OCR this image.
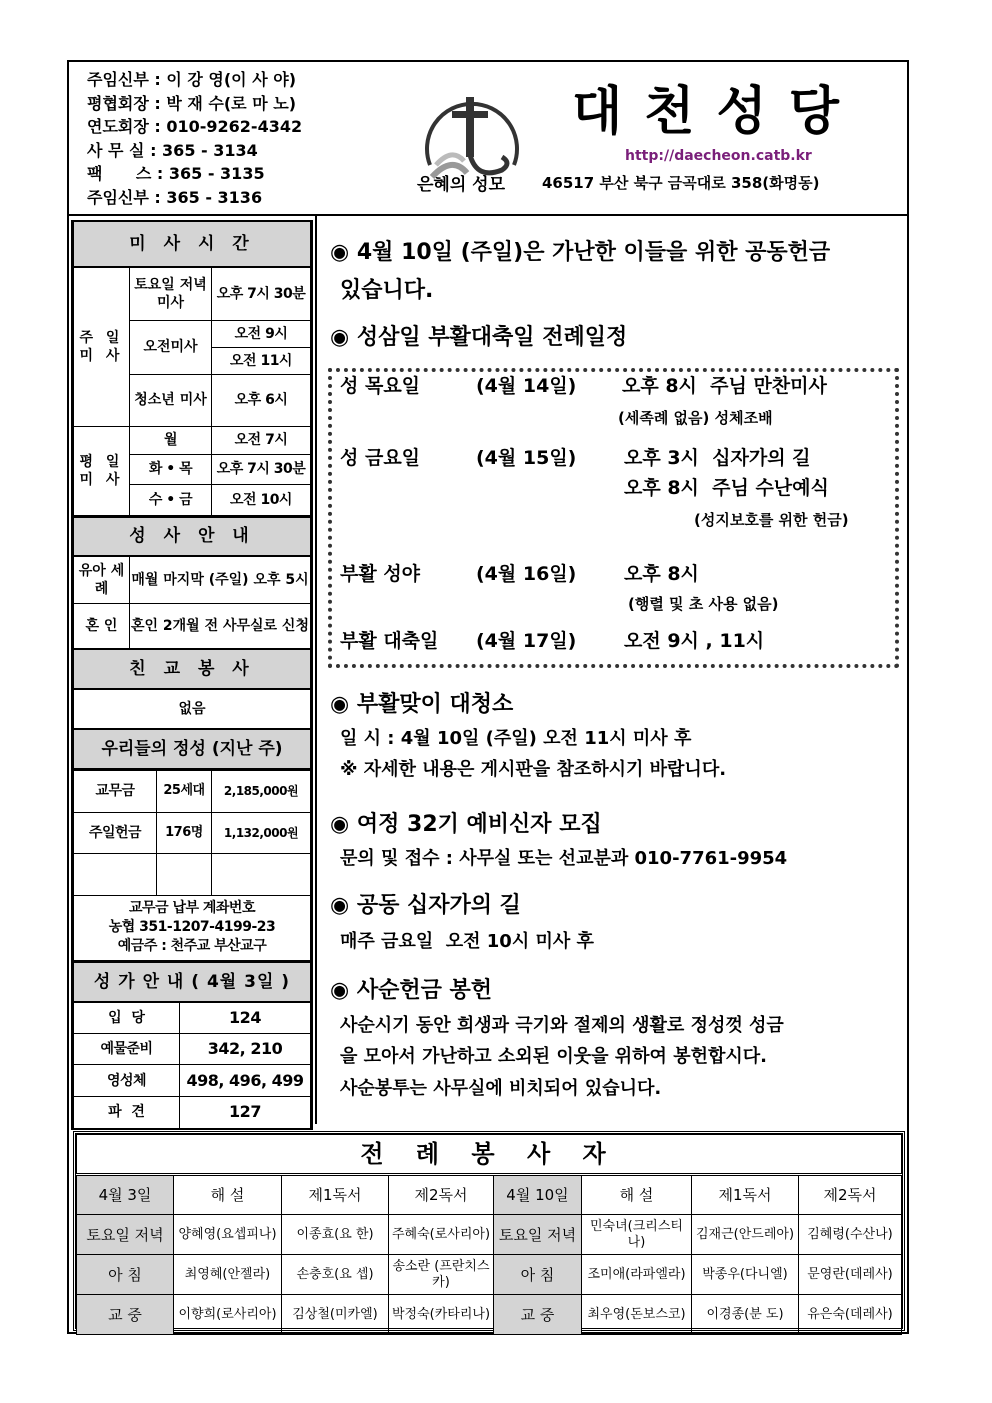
주임신부 : 이 강 영(이 사 야)
평협회장 : 박 재 수(로 마 노)
연도회장 : 010-9262-4342
사 무 실 : 365 - 3134
팩      스 : 365 - 3135
주임신부 : 365 - 3136
은혜의 성모
대천성당
http://daecheon.catb.kr
46517 부산 북구 금곡대로 358(화명동)
미 사 시 간		
주 일 미 사	토요일 저녁미사	오후 7시 30분
	오전미사	오전 9시
		오전 11시
	청소년 미사	오후 6시
평 일 미 사	월	오전 7시
	화 • 목	오후 7시 30분
	수 • 금	오전 10시
성 사 안 내	
유아 세례	매월 마지막 (주일) 오후 5시
혼 인	혼인 2개월 전 사무실로 신청
친 교 봉 사	
없음	
우리들의 정성 (지난 주)	
교무금	25세대	2,185,000원
주일헌금	176명	1,132,000원

교무금 납부 계좌번호
농협 351-1207-4199-23
예금주 : 천주교 부산교구		
성 가 안 내 ( 4월 3일 )	
입  당	124
예물준비	342, 210
영성체	498, 496, 499
파  견	127
◉ 4월 10일 (주일)은 가난한 이들을 위한 공동헌금
있습니다.
◉ 성삼일 부활대축일 전례일정
성 목요일	(4월 14일) 오후 8시  주님 만찬미사
(세족례 없음) 성체조배
성 금요일	(4월 15일)	오후 3시  십자가의 길
오후 8시  주님 수난예식
(성지보호를 위한 헌금)
부활 성야	(4월 16일)	오후 8시
(행렬 및 초 사용 없음)
부활 대축일 (4월 17일)	오전 9시 , 11시
◉ 부활맞이 대청소
일 시 : 4월 10일 (주일) 오전 11시 미사 후
※ 자세한 내용은 게시판을 참조하시기 바랍니다.
◉ 여정 32기 예비신자 모집
문의 및 접수 : 사무실 또는 선교분과 010-7761-9954
◉ 공동 십자가의 길
매주 금요일  오전 10시 미사 후
◉ 사순헌금 봉헌
사순시기 동안 희생과 극기와 절제의 생활로 정성껏 성금
을 모아서 가난하고 소외된 이웃을 위하여 봉헌합시다.
사순봉투는 사무실에 비치되어 있습니다.
전 례 봉 사 자							
4월 3일	해 설	제1독서	제2독서	4월 10일	해 설	제1독서	제2독서
토요일 저녁	양혜영(요셉피나)	이종효(요 한)	주혜숙(로사리아)	토요일 저녁	민숙녀(크리스티나)	김재근(안드레아)	김혜령(수산나)
아 침	최영혜(안젤라)	손충호(요 셉)	송소란 (프란치스카)	아 침	조미애(라파엘라)	박종우(다니엘)	문영란(데레사)
교 중	이향희(로사리아)	김상철(미카엘)	박정숙(카타리나)	교 중	최우영(돈보스코)	이경종(분 도)	유은숙(데레사)
